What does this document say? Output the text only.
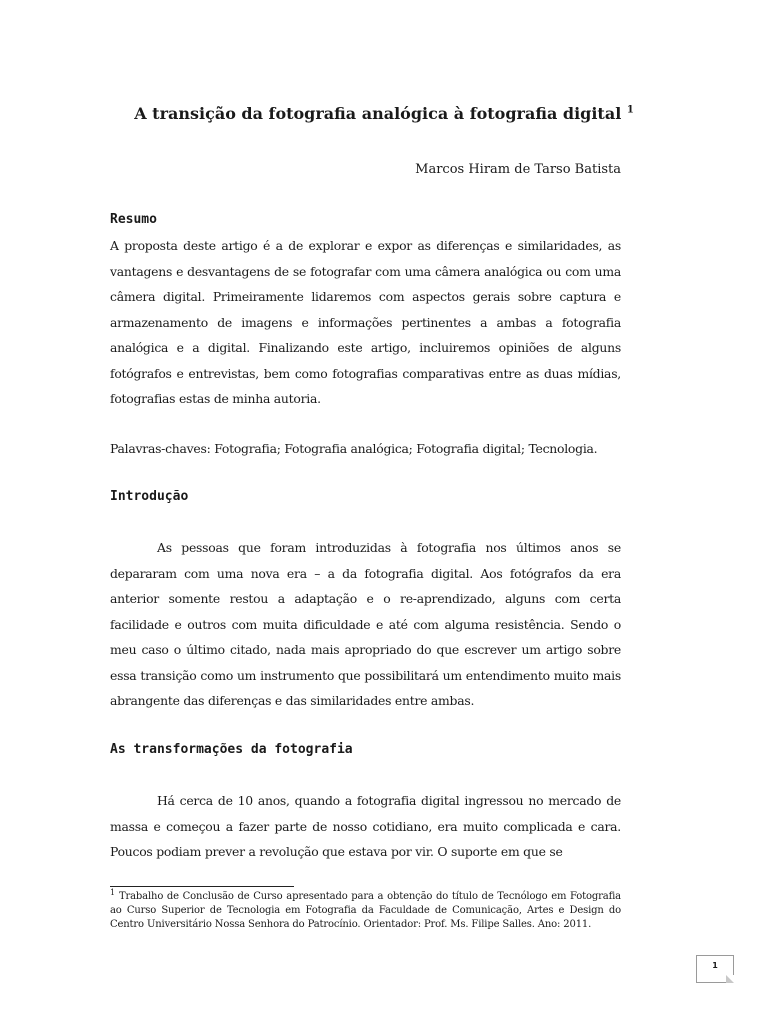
A transição da fotografia analógica à fotografia digital $^1$

Marcos Hiram de Tarso Batista

Resumo

A proposta deste artigo é a de explorar e expor as diferenças e similaridades, as vantagens e desvantagens de se fotografar com uma câmera analógica ou com uma câmera digital. Primeiramente lidaremos com aspectos gerais sobre captura e armazenamento de imagens e informações pertinentes a ambas a fotografia analógica e a digital. Finalizando este artigo, incluiremos opiniões de alguns fotógrafos e entrevistas, bem como fotografias comparativas entre as duas mídias, fotografias estas de minha autoria.

Palavras-chaves: Fotografia; Fotografia analógica; Fotografia digital; Tecnologia.

Introdução

As pessoas que foram introduzidas à fotografia nos últimos anos se depararam com uma nova era – a da fotografia digital. Aos fotógrafos da era anterior somente restou a adaptação e o re-aprendizado, alguns com certa facilidade e outros com muita dificuldade e até com alguma resistência. Sendo o meu caso o último citado, nada mais apropriado do que escrever um artigo sobre essa transição como um instrumento que possibilitará um entendimento muito mais abrangente das diferenças e das similaridades entre ambas.

As transformações da fotografia

Há cerca de 10 anos, quando a fotografia digital ingressou no mercado de massa e começou a fazer parte de nosso cotidiano, era muito complicada e cara. Poucos podiam prever a revolução que estava por vir. O suporte em que se

$^1$ Trabalho de Conclusão de Curso apresentado para a obtenção do título de Tecnólogo em Fotografia ao Curso Superior de Tecnologia em Fotografia da Faculdade de Comunicação, Artes e Design do Centro Universitário Nossa Senhora do Patrocínio. Orientador: Prof. Ms. Filipe Salles. Ano: 2011.

1
